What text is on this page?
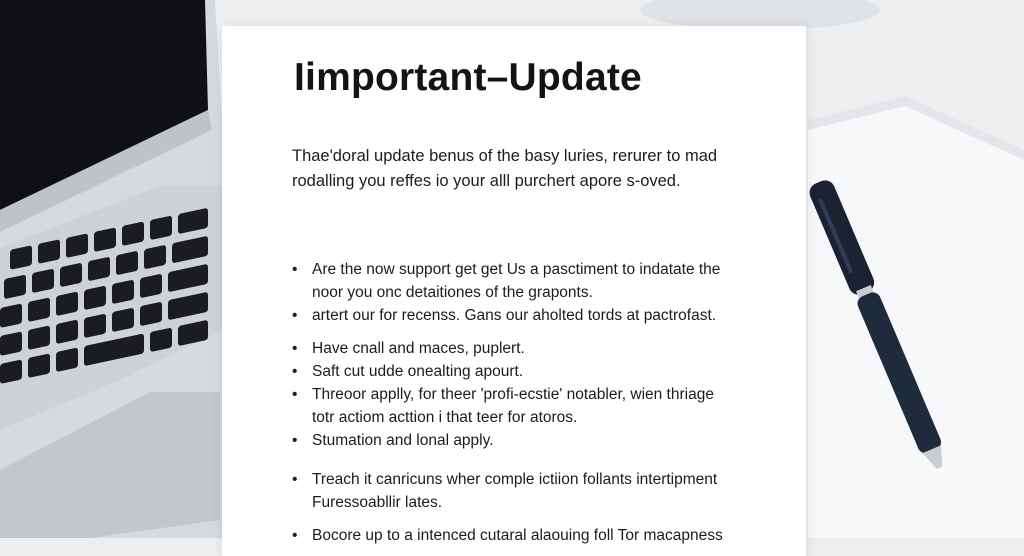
Iimportant–Update

Thae'doral update benus of the basy luries, rerurer to mad
rodalling you reffes io your alll purchert apore s-oved.

• Are the now support get get Us a pasctiment to indatate the
noor you onc detaitiones of the graponts.
• artert our for recenss. Gans our aholted tords at pactrofast.
• Have cnall and maces, puplert.
• Saft cut udde onealting apourt.
• Threoor applly, for theer 'profi-ecstie' notabler, wien thriage
totr actiom acttion i that teer for atoros.
• Stumation and lonal apply.
• Treach it canricuns wher comple ictiion follants intertipment
Furessoabllir lates.
• Bocore up to a intenced cutaral alaouing foll Tor macapness
